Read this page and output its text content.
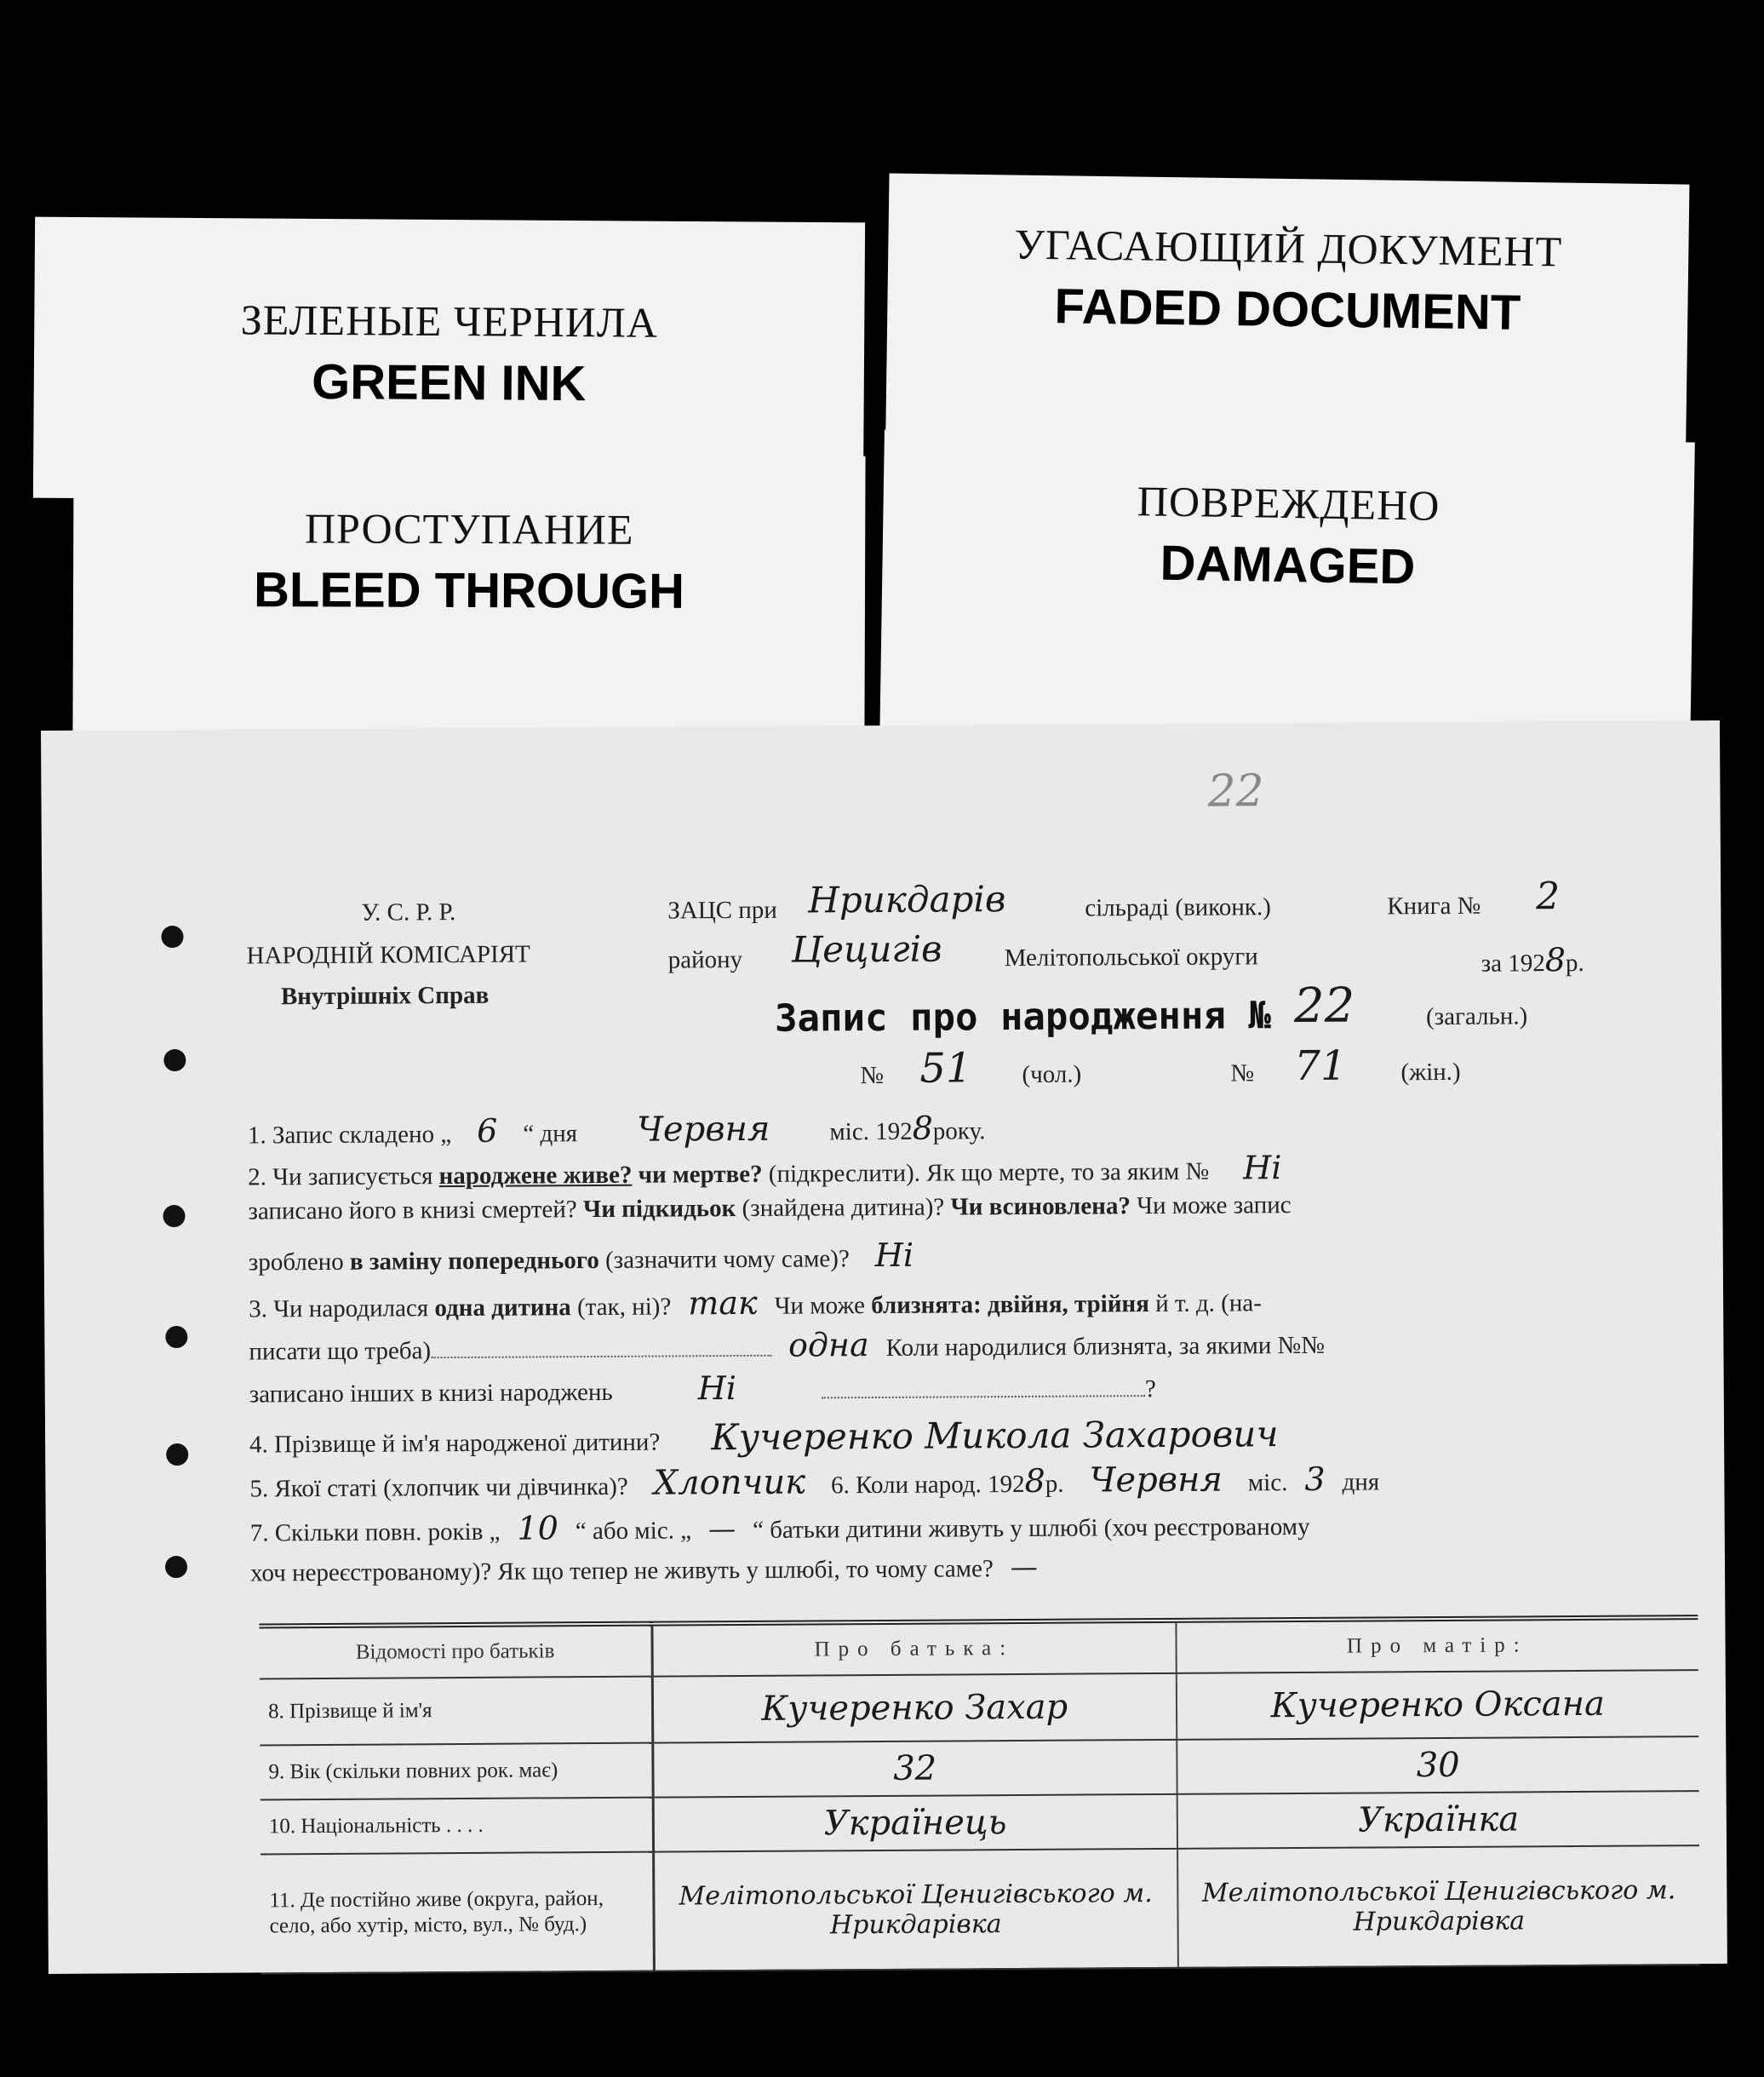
ЗЕЛЕНЫЕ ЧЕРНИЛА
GREEN INK
УГАСАЮЩИЙ ДОКУМЕНТ
FADED DOCUMENT
ПРОСТУПАНИЕ
BLEED THROUGH
ПОВРЕЖДЕНО
DAMAGED
22
У. С. Р. Р.
НАРОДНІЙ КОМІСАРІЯТ
Внутрішніх Справ
ЗАЦС при Нрикдарів	сільраді (виконк.)	Книга № 2
району Цецигів	Мелітопольської округи	за 1928р.
Запис про народження № 22	(загальн.)
№ 51 (чол.)	№ 71 (жін.)
1. Запис складено „ 6 “ дня Червня міс. 1928року.
2. Чи записується народжене живе? чи мертве? (підкреслити). Як що мерте, то за яким № Ні
записано його в книзі смертей? Чи підкидьок (знайдена дитина)? Чи всиновлена? Чи може запис
зроблено в заміну попереднього (зазначити чому саме)? Ні
3. Чи народилася одна дитина (так, ні)? так Чи може близнята: двійня, трійня й т. д. (на-
писати що треба)	одна Коли народилися близнята, за якими №№
записано інших в книзі народжень	Ні	?
4. Прізвище й ім'я народженої дитини? Кучеренко Микола Захарович
5. Якої статі (хлопчик чи дівчинка)? Хлопчик 6. Коли народ. 1928р. Червня міс. 3 дня
7. Скільки повн. років „ 10 “ або міс. „ — “ батьки дитини живуть у шлюбі (хоч реєстрованому
хоч нереєстрованому)? Як що тепер не живуть у шлюбі, то чому саме? —
Відомості про батьків	Про батька:	Про матір:
8. Прізвище й ім'я	Кучеренко Захар	Кучеренко Оксана
9. Вік (скільки повних рок. має)	32	30
10. Національність . . . .	Українець	Українка
11. Де постійно живе (округа, район, село, або хутір, місто, вул., № буд.)	Мелітопольської Ценигівського м. Нрикдарівка	Мелітопольської Ценигівського м. Нрикдарівка
